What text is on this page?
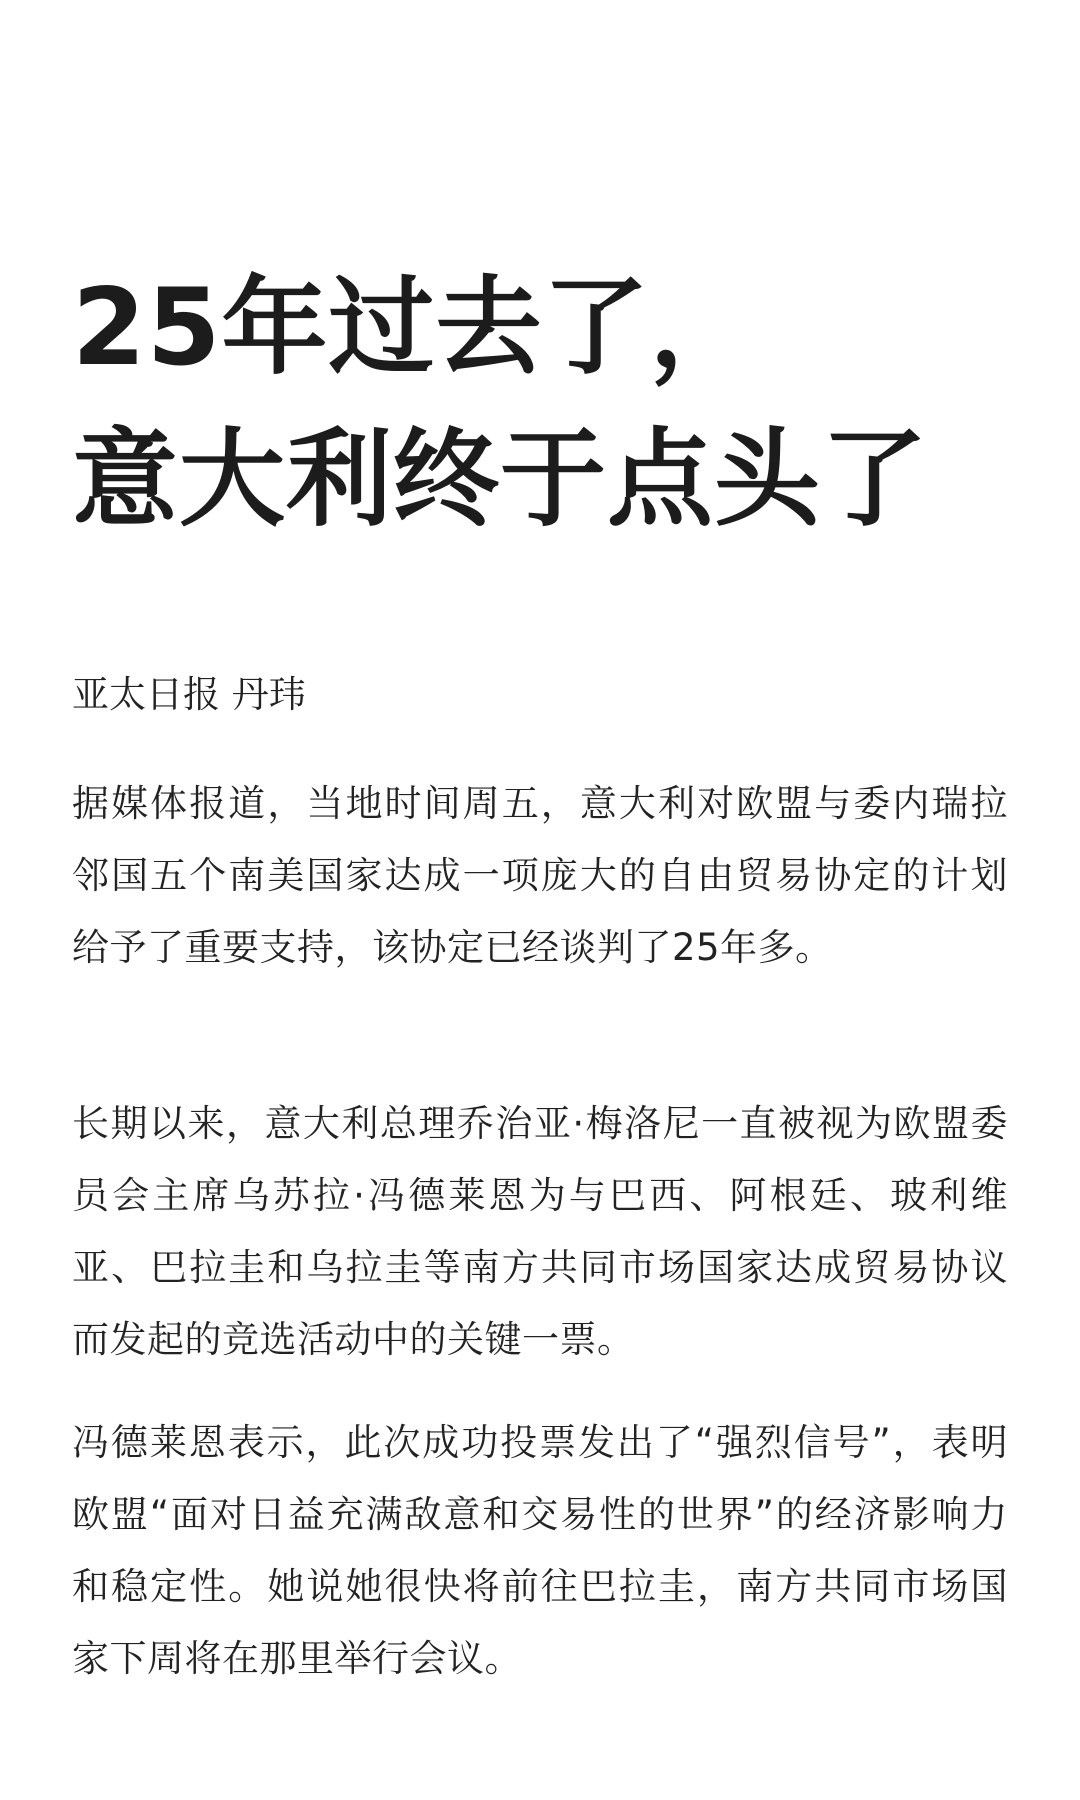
25年过去了，
意大利终于点头了

亚太日报 丹玮

据媒体报道，当地时间周五，意大利对欧盟与委内瑞拉邻国五个南美国家达成一项庞大的自由贸易协定的计划给予了重要支持，该协定已经谈判了25年多。

长期以来，意大利总理乔治亚·梅洛尼一直被视为欧盟委员会主席乌苏拉·冯德莱恩为与巴西、阿根廷、玻利维亚、巴拉圭和乌拉圭等南方共同市场国家达成贸易协议而发起的竞选活动中的关键一票。

冯德莱恩表示，此次成功投票发出了“强烈信号”，表明欧盟“面对日益充满敌意和交易性的世界”的经济影响力和稳定性。她说她很快将前往巴拉圭，南方共同市场国家下周将在那里举行会议。
